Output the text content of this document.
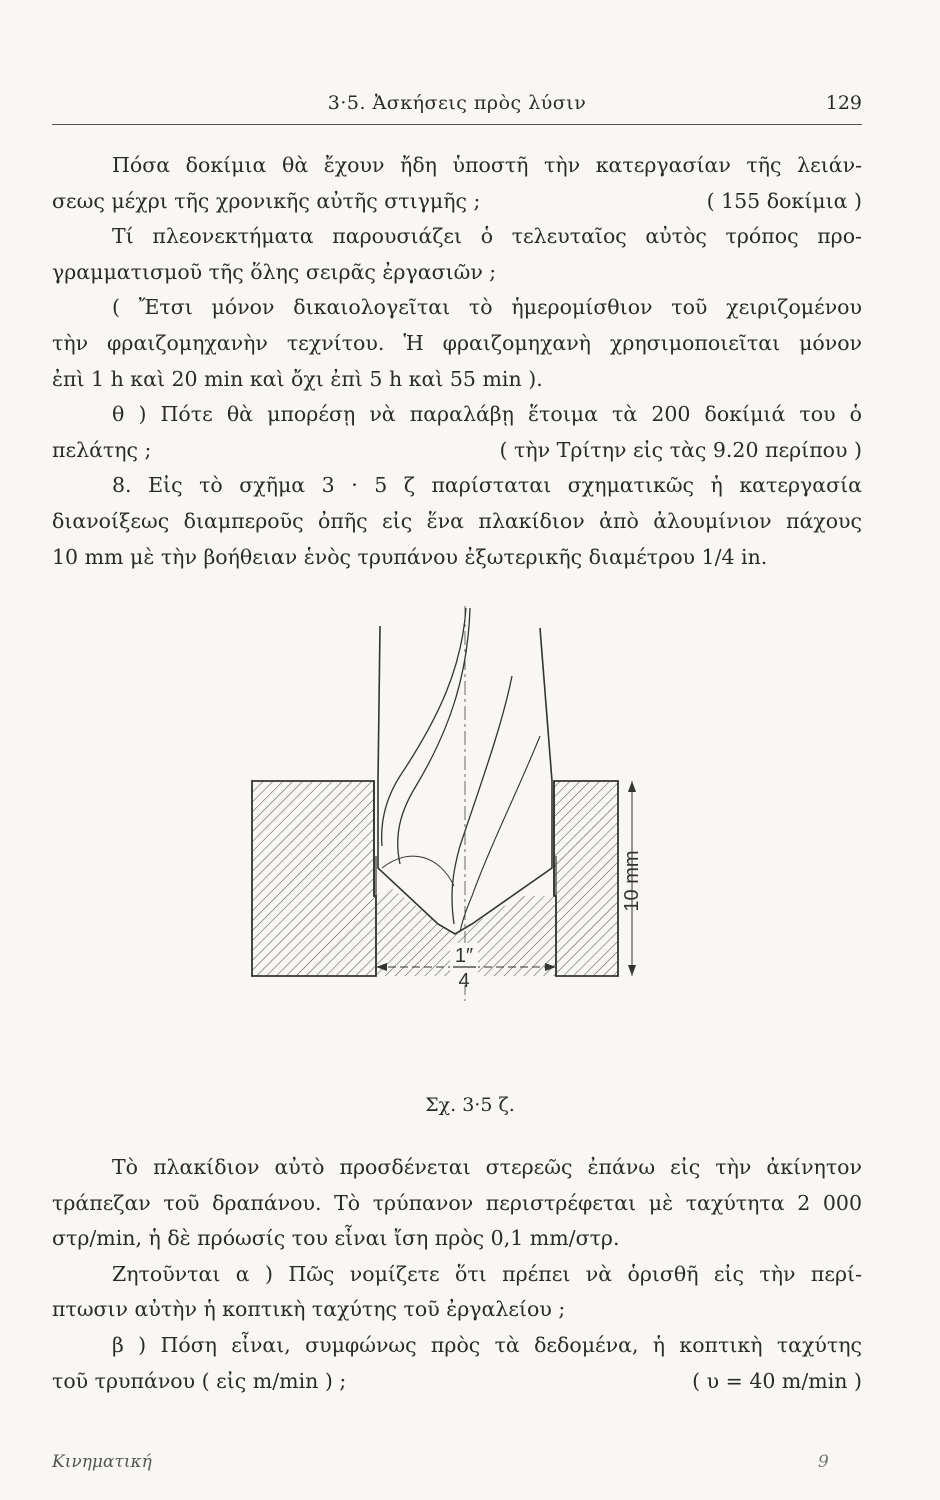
3·5. Ἀσκήσεις πρὸς λύσιν	129
Πόσα δοκίμια θὰ ἔχουν ἤδη ὑποστῆ τὴν κατεργασίαν τῆς λειάν-
σεως μέχρι τῆς χρονικῆς αὐτῆς στιγμῆς ;	( 155 δοκίμια )
Τί πλεονεκτήματα παρουσιάζει ὁ τελευταῖος αὐτὸς τρόπος προ-
γραμματισμοῦ τῆς ὅλης σειρᾶς ἐργασιῶν ;
( Ἔτσι μόνον δικαιολογεῖται τὸ ἡμερομίσθιον τοῦ χειριζομένου
τὴν φραιζομηχανὴν τεχνίτου. Ἡ φραιζομηχανὴ χρησιμοποιεῖται μόνον
ἐπὶ 1 h καὶ 20 min καὶ ὄχι ἐπὶ 5 h καὶ 55 min ).
θ ) Πότε θὰ μπορέσῃ νὰ παραλάβῃ ἕτοιμα τὰ 200 δοκίμιά του ὁ
πελάτης ;	( τὴν Τρίτην εἰς τὰς 9.20 περίπου )
8. Εἰς τὸ σχῆμα 3 · 5 ζ παρίσταται σχηματικῶς ἡ κατεργασία
διανοίξεως διαμπεροῦς ὀπῆς εἰς ἕνα πλακίδιον ἀπὸ ἀλουμίνιον πάχους
10 mm μὲ τὴν βοήθειαν ἑνὸς τρυπάνου ἐξωτερικῆς διαμέτρου 1/4 in.
10 mm
1″
4
Σχ. 3·5 ζ.
Τὸ πλακίδιον αὐτὸ προσδένεται στερεῶς ἐπάνω εἰς τὴν ἀκίνητον
τράπεζαν τοῦ δραπάνου. Τὸ τρύπανον περιστρέφεται μὲ ταχύτητα 2 000
στρ/min, ἡ δὲ πρόωσίς του εἶναι ἴση πρὸς 0,1 mm/στρ.
Ζητοῦνται α ) Πῶς νομίζετε ὅτι πρέπει νὰ ὁρισθῆ εἰς τὴν περί-
πτωσιν αὐτὴν ἡ κοπτικὴ ταχύτης τοῦ ἐργαλείου ;
β ) Πόση εἶναι, συμφώνως πρὸς τὰ δεδομένα, ἡ κοπτικὴ ταχύτης
τοῦ τρυπάνου ( εἰς m/min ) ;	( υ = 40 m/min )
Κινηματική	9
